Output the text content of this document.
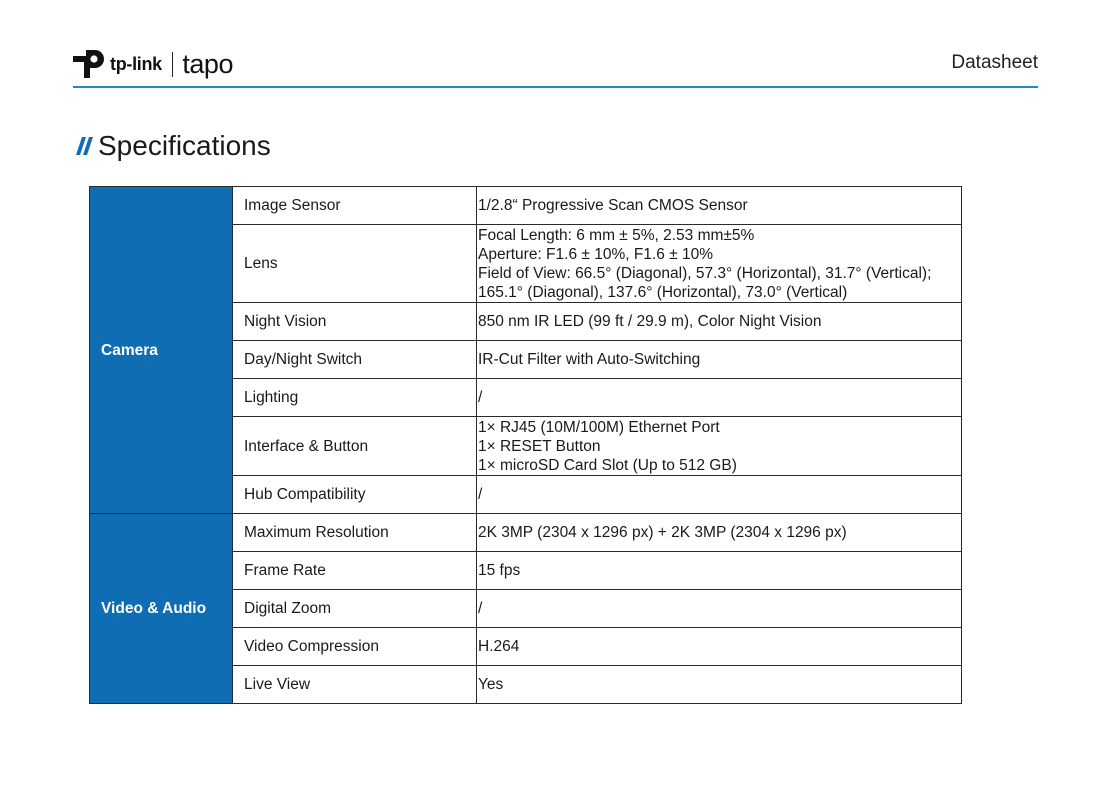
tp-link tapo	Datasheet
Specifications
Camera	Image Sensor	1/2.8“ Progressive Scan CMOS Sensor

	Lens	Focal Length: 6 mm ± 5%, 2.53 mm±5%
Aperture: F1.6 ± 10%, F1.6 ± 10%
Field of View: 66.5° (Diagonal), 57.3° (Horizontal), 31.7° (Vertical);
165.1° (Diagonal), 137.6° (Horizontal), 73.0° (Vertical)

	Night Vision	850 nm IR LED (99 ft / 29.9 m), Color Night Vision

	Day/Night Switch	IR-Cut Filter with Auto-Switching

	Lighting	/

	Interface & Button	1× RJ45 (10M/100M) Ethernet Port
1× RESET Button
1× microSD Card Slot (Up to 512 GB)

	Hub Compatibility	/

Video & Audio	Maximum Resolution	2K 3MP (2304 x 1296 px) + 2K 3MP (2304 x 1296 px)

	Frame Rate	15 fps

	Digital Zoom	/

	Video Compression	H.264

	Live View	Yes
